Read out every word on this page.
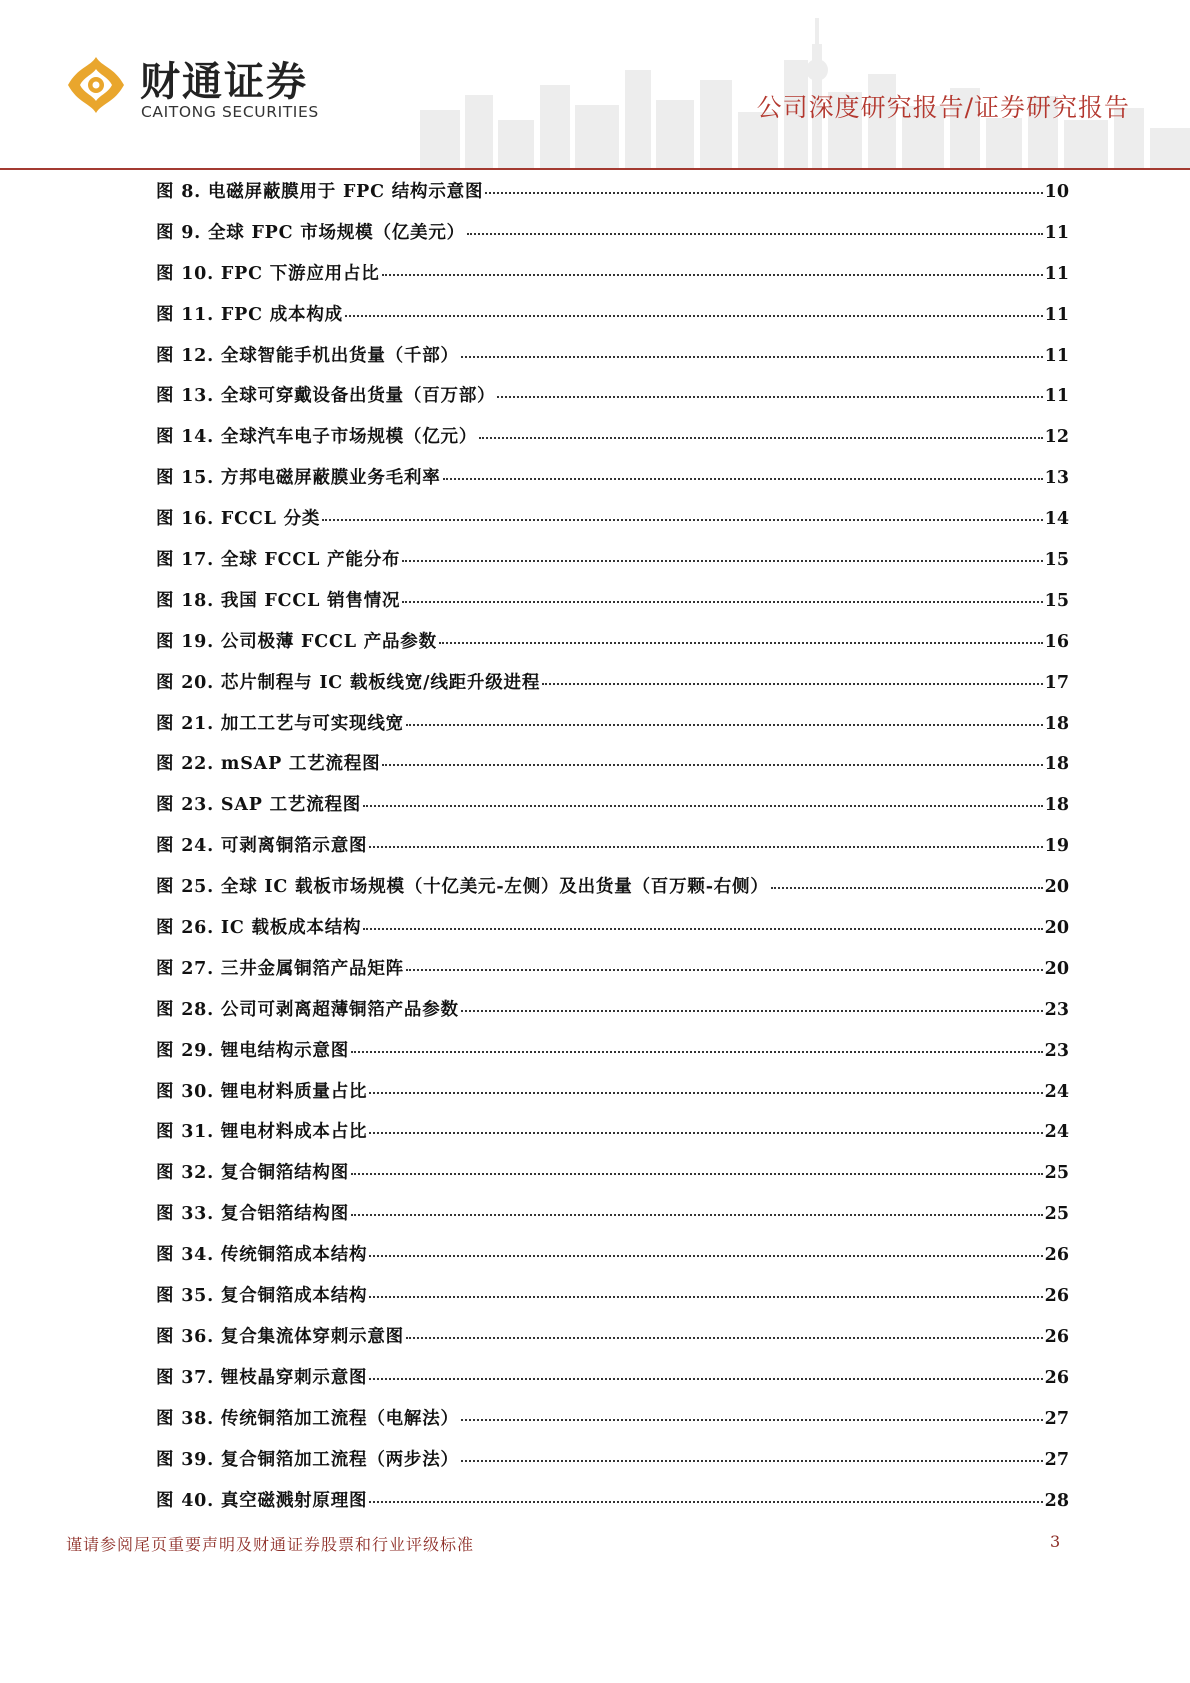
财通证券
CAITONG SECURITIES	公司深度研究报告/证券研究报告
图 8. 电磁屏蔽膜用于 FPC 结构示意图	10
图 9. 全球 FPC 市场规模（亿美元）	11
图 10. FPC 下游应用占比	11
图 11. FPC 成本构成	11
图 12. 全球智能手机出货量（千部）	11
图 13. 全球可穿戴设备出货量（百万部）	11
图 14. 全球汽车电子市场规模（亿元）	12
图 15. 方邦电磁屏蔽膜业务毛利率	13
图 16. FCCL 分类	14
图 17. 全球 FCCL 产能分布	15
图 18. 我国 FCCL 销售情况	15
图 19. 公司极薄 FCCL 产品参数	16
图 20. 芯片制程与 IC 载板线宽/线距升级进程	17
图 21. 加工工艺与可实现线宽	18
图 22. mSAP 工艺流程图	18
图 23. SAP 工艺流程图	18
图 24. 可剥离铜箔示意图	19
图 25. 全球 IC 载板市场规模（十亿美元-左侧）及出货量（百万颗-右侧）	20
图 26. IC 载板成本结构	20
图 27. 三井金属铜箔产品矩阵	20
图 28. 公司可剥离超薄铜箔产品参数	23
图 29. 锂电结构示意图	23
图 30. 锂电材料质量占比	24
图 31. 锂电材料成本占比	24
图 32. 复合铜箔结构图	25
图 33. 复合铝箔结构图	25
图 34. 传统铜箔成本结构	26
图 35. 复合铜箔成本结构	26
图 36. 复合集流体穿刺示意图	26
图 37. 锂枝晶穿刺示意图	26
图 38. 传统铜箔加工流程（电解法）	27
图 39. 复合铜箔加工流程（两步法）	27
图 40. 真空磁溅射原理图	28
谨请参阅尾页重要声明及财通证券股票和行业评级标准	3
